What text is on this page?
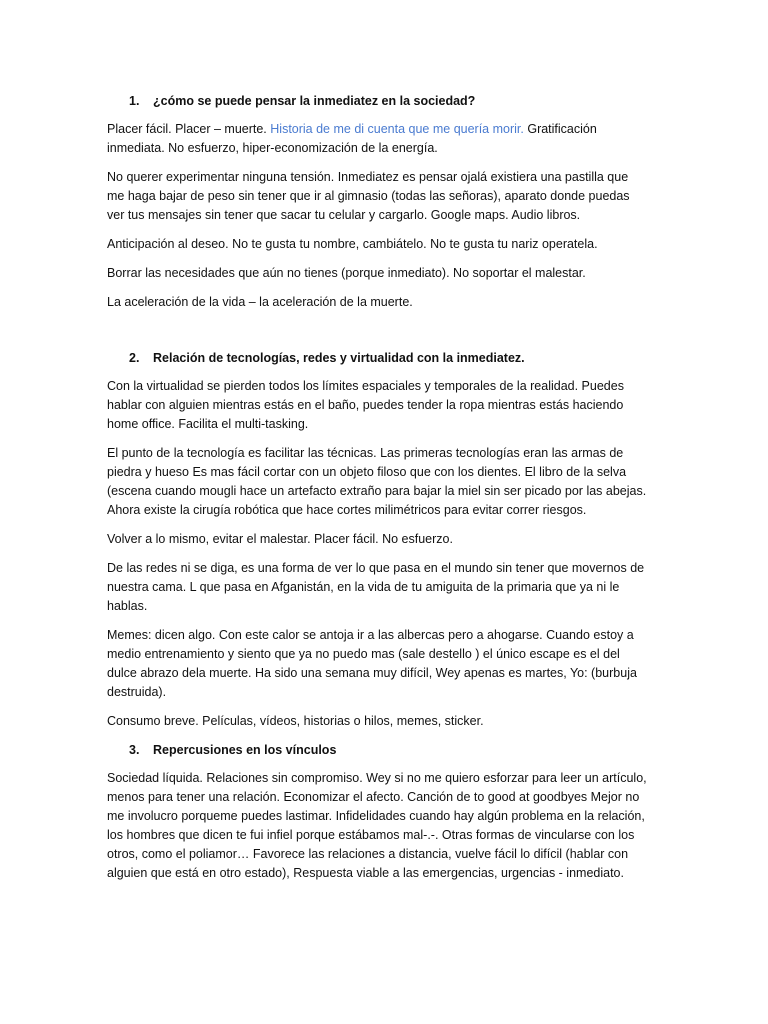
1. ¿cómo se puede pensar la inmediatez en la sociedad?

Placer fácil. Placer – muerte. Historia de me di cuenta que me quería morir. Gratificación inmediata. No esfuerzo, hiper-economización de la energía.

No querer experimentar ninguna tensión. Inmediatez es pensar ojalá existiera una pastilla que me haga bajar de peso sin tener que ir al gimnasio (todas las señoras), aparato donde puedas ver tus mensajes sin tener que sacar tu celular y cargarlo. Google maps. Audio libros.

Anticipación al deseo. No te gusta tu nombre, cambiátelo. No te gusta tu nariz operatela.

Borrar las necesidades que aún no tienes (porque inmediato). No soportar el malestar.

La aceleración de la vida – la aceleración de la muerte.

2. Relación de tecnologías, redes y virtualidad con la inmediatez.

Con la virtualidad se pierden todos los límites espaciales y temporales de la realidad. Puedes hablar con alguien mientras estás en el baño, puedes tender la ropa mientras estás haciendo home office. Facilita el multi-tasking.

El punto de la tecnología es facilitar las técnicas. Las primeras tecnologías eran las armas de piedra y hueso Es mas fácil cortar con un objeto filoso que con los dientes. El libro de la selva (escena cuando mougli hace un artefacto extraño para bajar la miel sin ser picado por las abejas. Ahora existe la cirugía robótica que hace cortes milimétricos para evitar correr riesgos.

Volver a lo mismo, evitar el malestar. Placer fácil. No esfuerzo.

De las redes ni se diga, es una forma de ver lo que pasa en el mundo sin tener que movernos de nuestra cama. L que pasa en Afganistán, en la vida de tu amiguita de la primaria que ya ni le hablas.

Memes: dicen algo. Con este calor se antoja ir a las albercas pero a ahogarse. Cuando estoy a medio entrenamiento y siento que ya no puedo mas (sale destello ) el único escape es el del dulce abrazo dela muerte. Ha sido una semana muy difícil, Wey apenas es martes, Yo: (burbuja destruida).

Consumo breve. Películas, vídeos, historias o hilos, memes, sticker.

3. Repercusiones en los vínculos

Sociedad líquida. Relaciones sin compromiso. Wey si no me quiero esforzar para leer un artículo, menos para tener una relación. Economizar el afecto. Canción de to good at goodbyes Mejor no me involucro porqueme puedes lastimar. Infidelidades cuando hay algún problema en la relación, los hombres que dicen te fui infiel porque estábamos mal-.-. Otras formas de vincularse con los otros, como el poliamor… Favorece las relaciones a distancia, vuelve fácil lo difícil (hablar con alguien que está en otro estado), Respuesta viable a las emergencias, urgencias - inmediato.
